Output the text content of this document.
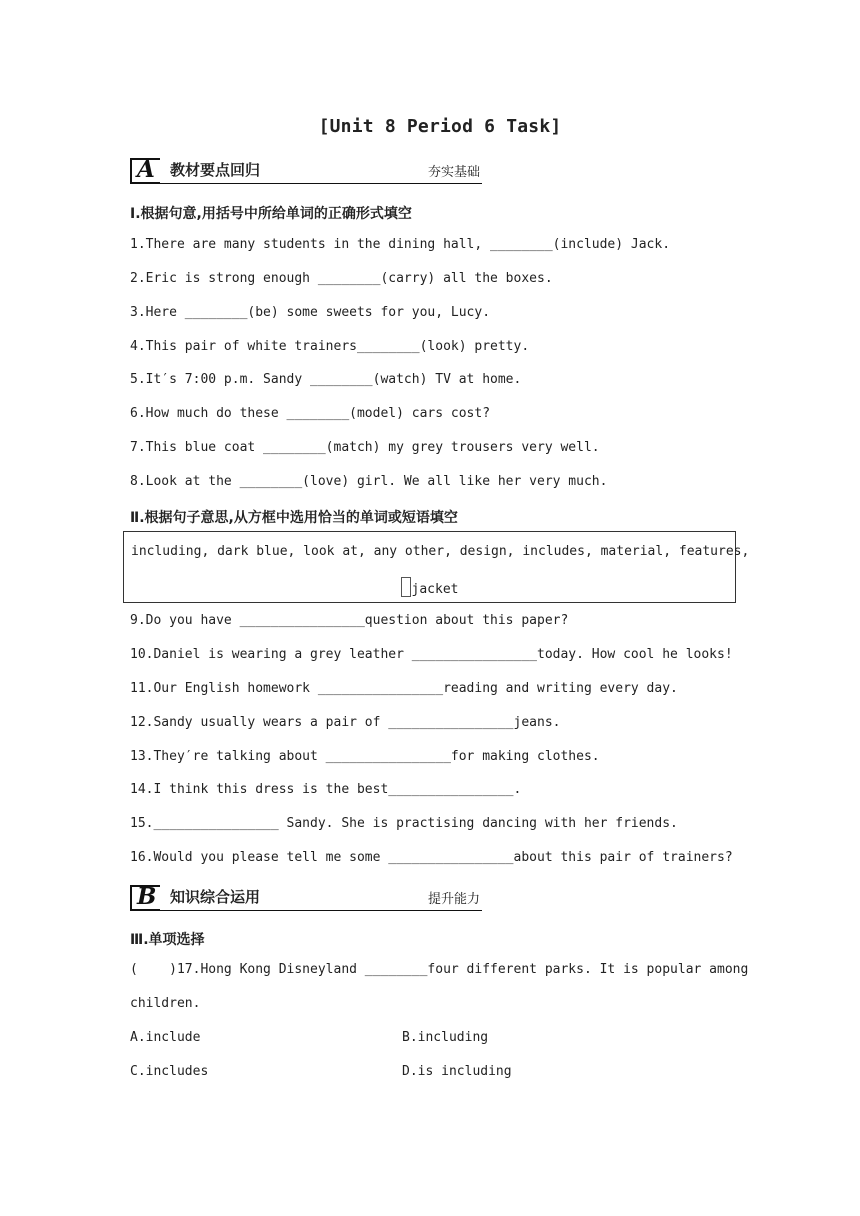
[Unit 8 Period 6 Task]
A 教材要点回归	夯实基础
Ⅰ.根据句意,用括号中所给单词的正确形式填空
1.There are many students in the dining hall, ________(include) Jack.
2.Eric is strong enough ________(carry) all the boxes.
3.Here ________(be) some sweets for you, Lucy.
4.This pair of white trainers________(look) pretty.
5.It′s 7:00 p.m. Sandy ________(watch) TV at home.
6.How much do these ________(model) cars cost?
7.This blue coat ________(match) my grey trousers very well.
8.Look at the ________(love) girl. We all like her very much.
Ⅱ.根据句子意思,从方框中选用恰当的单词或短语填空
including, dark blue, look at, any other, design, includes, material, features,
jacket
9.Do you have ________________question about this paper?
10.Daniel is wearing a grey leather ________________today. How cool he looks!
11.Our English homework ________________reading and writing every day.
12.Sandy usually wears a pair of ________________jeans.
13.They′re talking about ________________for making clothes.
14.I think this dress is the best________________.
15.________________ Sandy. She is practising dancing with her friends.
16.Would you please tell me some ________________about this pair of trainers?
B 知识综合运用	提升能力
Ⅲ.单项选择
(    )17.Hong Kong Disneyland ________four different parks. It is popular among
children.
A.include	B.including
C.includes	D.is including
